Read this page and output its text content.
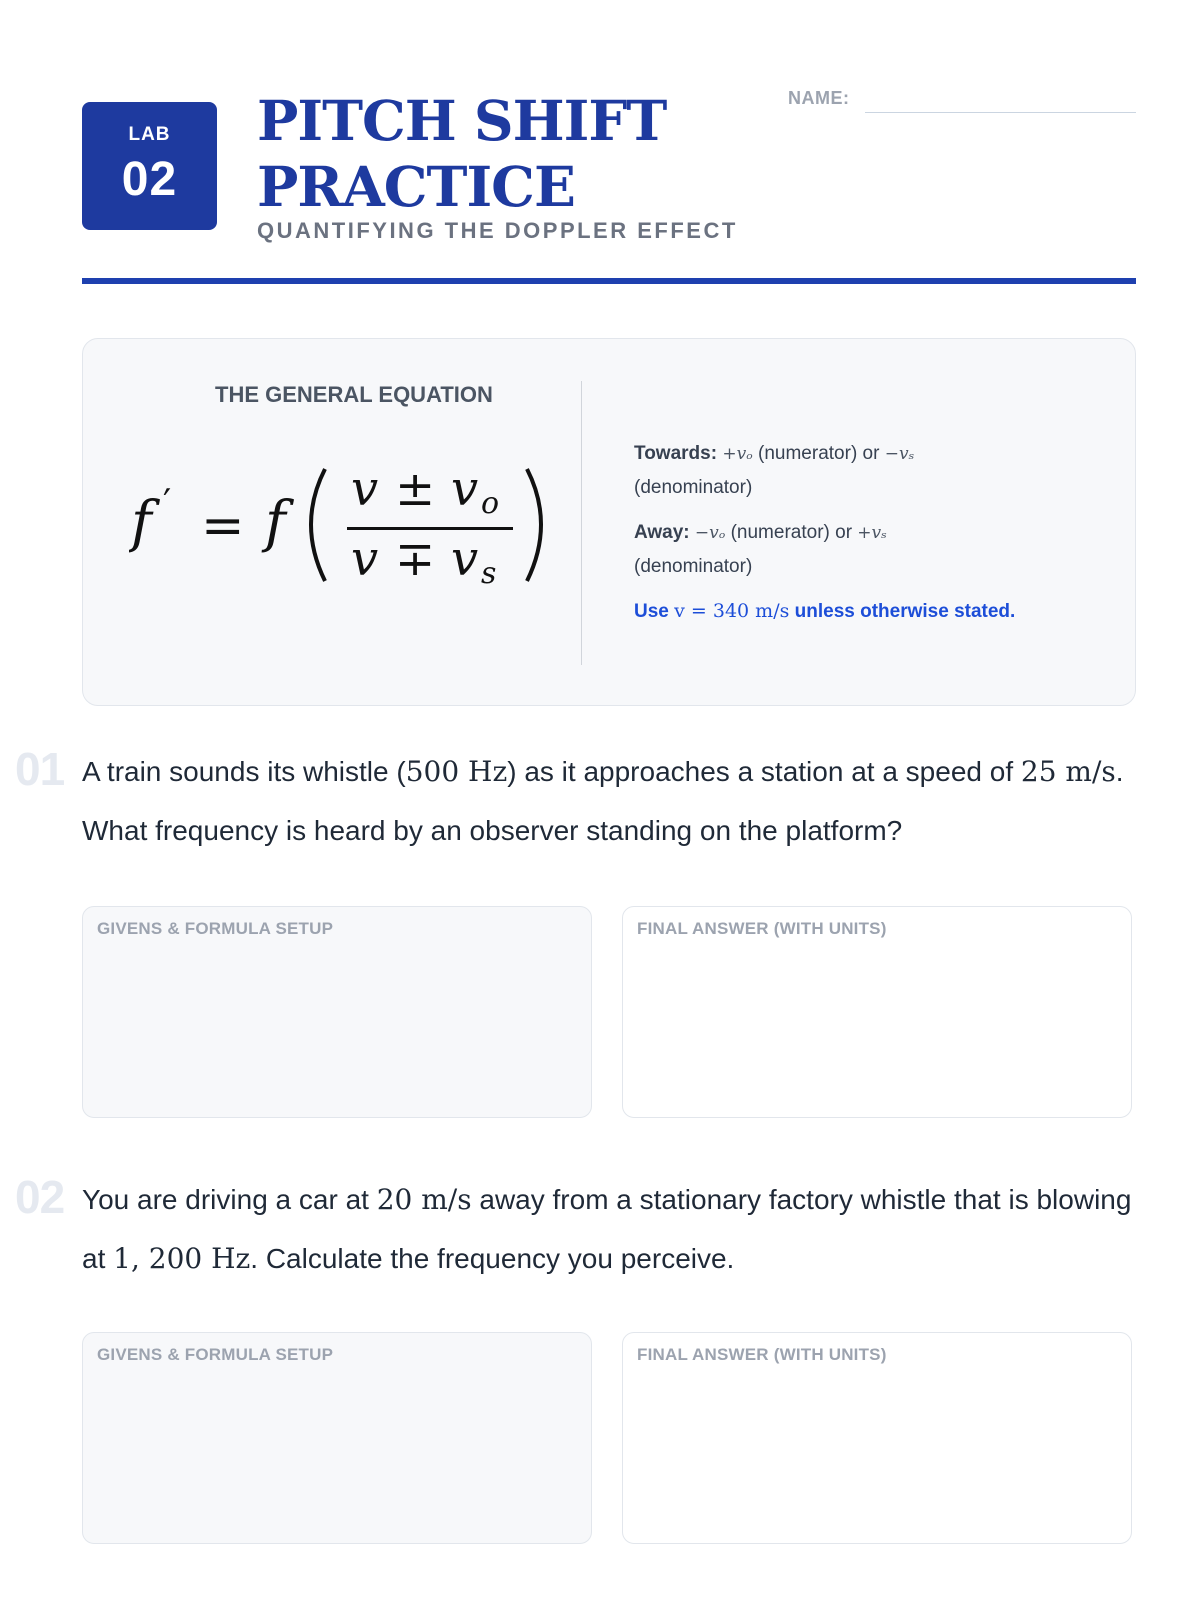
LAB
02
PITCH SHIFT
PRACTICE
QUANTIFYING THE DOPPLER EFFECT
NAME:
THE GENERAL EQUATION
f ′ = f
v ± v o
v ∓ v s

Towards: +vₒ (numerator) or −vₛ
(denominator)

Away: −vₒ (numerator) or +vₛ
(denominator)

Use v = 340 m/s unless otherwise stated.

01 A train sounds its whistle (500 Hz) as it approaches a station at a speed of 25 m/s. What frequency is heard by an observer standing on the platform?
GIVENS & FORMULA SETUP	FINAL ANSWER (WITH UNITS)
02 You are driving a car at 20 m/s away from a stationary factory whistle that is blowing at 1, 200 Hz. Calculate the frequency you perceive.
GIVENS & FORMULA SETUP	FINAL ANSWER (WITH UNITS)
